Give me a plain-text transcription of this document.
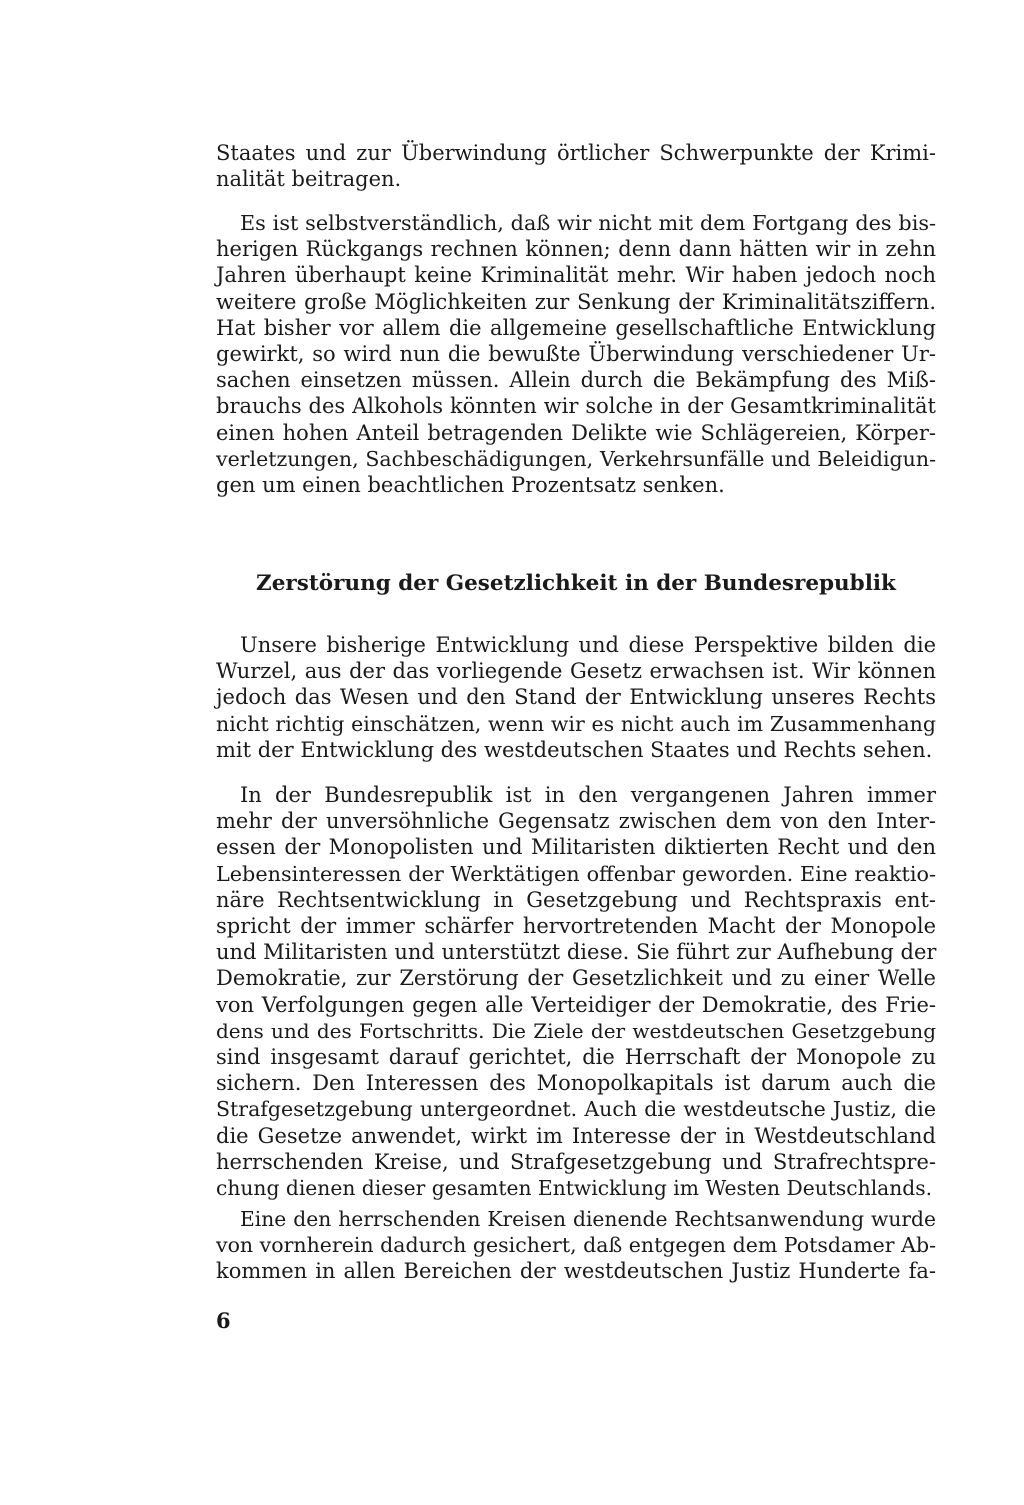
Staates und zur Überwindung örtlicher Schwerpunkte der Krimi-
nalität beitragen.

Es ist selbstverständlich, daß wir nicht mit dem Fortgang des bis-
herigen Rückgangs rechnen können; denn dann hätten wir in zehn
Jahren überhaupt keine Kriminalität mehr. Wir haben jedoch noch
weitere große Möglichkeiten zur Senkung der Kriminalitätsziffern.
Hat bisher vor allem die allgemeine gesellschaftliche Entwicklung
gewirkt, so wird nun die bewußte Überwindung verschiedener Ur-
sachen einsetzen müssen. Allein durch die Bekämpfung des Miß-
brauchs des Alkohols könnten wir solche in der Gesamtkriminalität
einen hohen Anteil betragenden Delikte wie Schlägereien, Körper-
verletzungen, Sachbeschädigungen, Verkehrsunfälle und Beleidigun-
gen um einen beachtlichen Prozentsatz senken.

Zerstörung der Gesetzlichkeit in der Bundesrepublik

Unsere bisherige Entwicklung und diese Perspektive bilden die
Wurzel, aus der das vorliegende Gesetz erwachsen ist. Wir können
jedoch das Wesen und den Stand der Entwicklung unseres Rechts
nicht richtig einschätzen, wenn wir es nicht auch im Zusammenhang
mit der Entwicklung des westdeutschen Staates und Rechts sehen.

In der Bundesrepublik ist in den vergangenen Jahren immer
mehr der unversöhnliche Gegensatz zwischen dem von den Inter-
essen der Monopolisten und Militaristen diktierten Recht und den
Lebensinteressen der Werktätigen offenbar geworden. Eine reaktio-
näre Rechtsentwicklung in Gesetzgebung und Rechtspraxis ent-
spricht der immer schärfer hervortretenden Macht der Monopole
und Militaristen und unterstützt diese. Sie führt zur Aufhebung der
Demokratie, zur Zerstörung der Gesetzlichkeit und zu einer Welle
von Verfolgungen gegen alle Verteidiger der Demokratie, des Frie-
dens und des Fortschritts. Die Ziele der westdeutschen Gesetzgebung
sind insgesamt darauf gerichtet, die Herrschaft der Monopole zu
sichern. Den Interessen des Monopolkapitals ist darum auch die
Strafgesetzgebung untergeordnet. Auch die westdeutsche Justiz, die
die Gesetze anwendet, wirkt im Interesse der in Westdeutschland
herrschenden Kreise, und Strafgesetzgebung und Strafrechtspre-
chung dienen dieser gesamten Entwicklung im Westen Deutschlands.

Eine den herrschenden Kreisen dienende Rechtsanwendung wurde
von vornherein dadurch gesichert, daß entgegen dem Potsdamer Ab-
kommen in allen Bereichen der westdeutschen Justiz Hunderte fa-

6
